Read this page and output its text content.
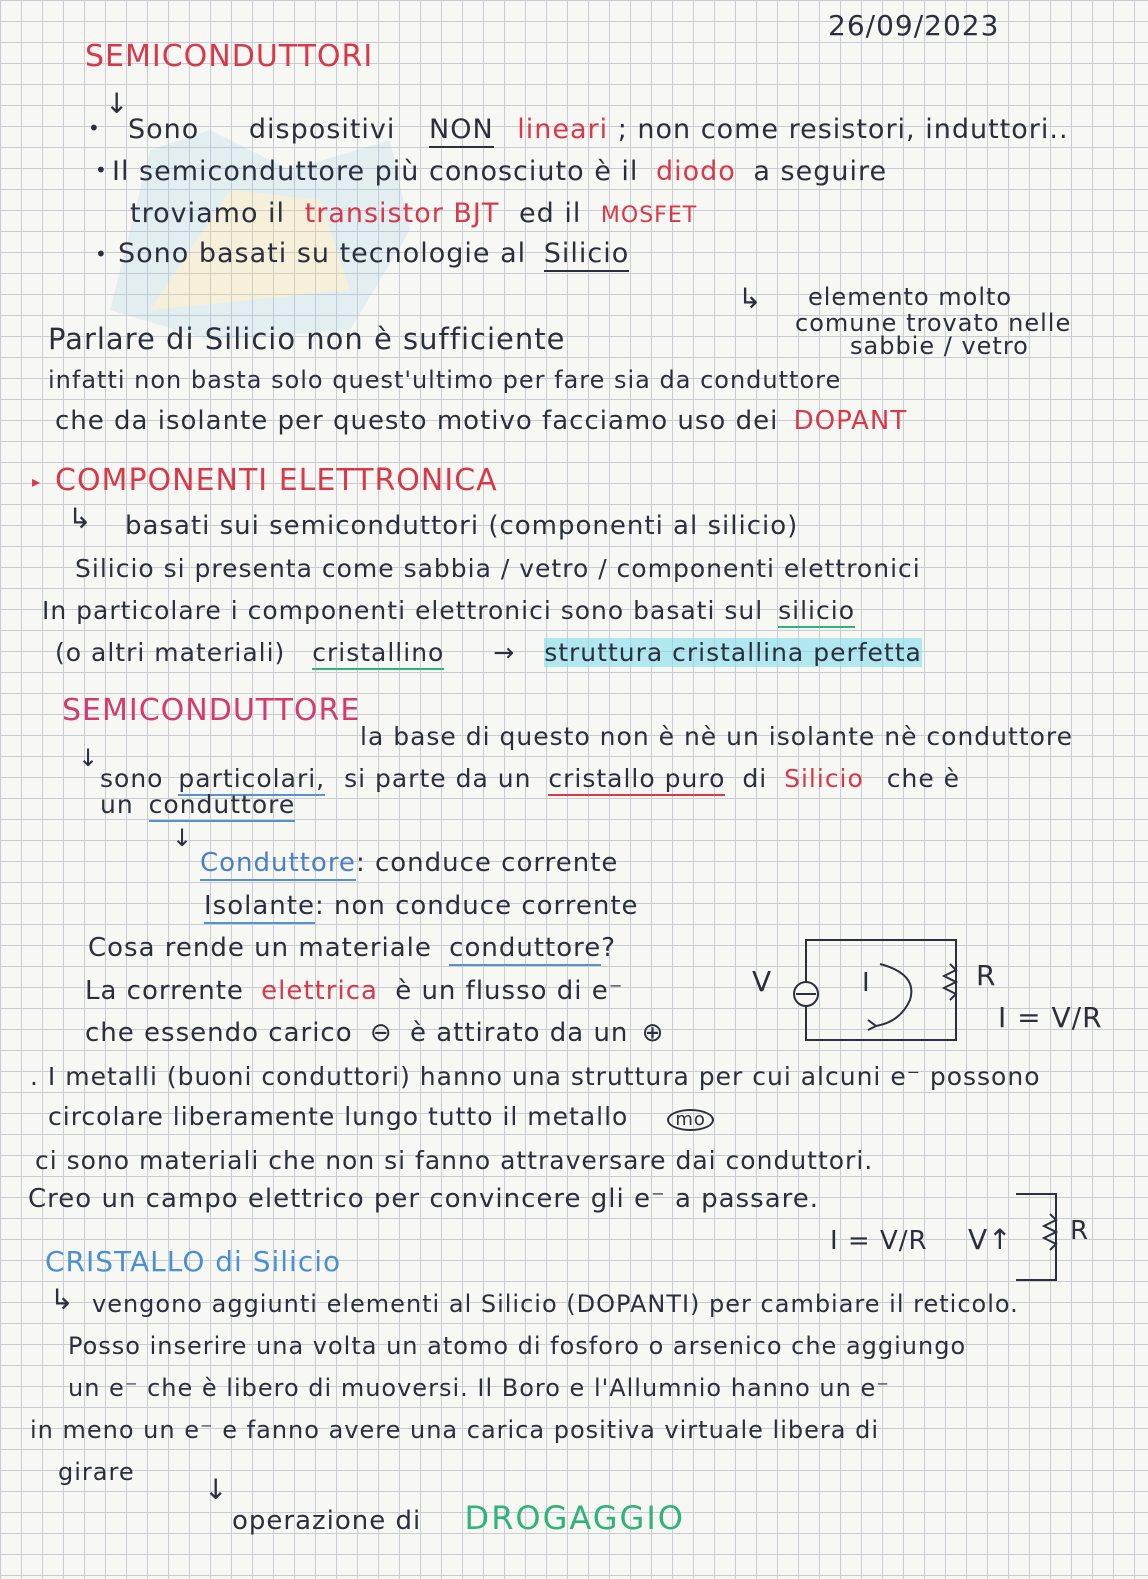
26/09/2023
SEMICONDUTTORI
↓
• Sono dispositivi NON lineari ; non come resistori, induttori..
• Il semiconduttore più conosciuto è il diodo a seguire
troviamo il transistor BJT ed il MOSFET
• Sono basati su tecnologie al Silicio
↳ elemento molto
comune trovato nelle
sabbie / vetro
Parlare di Silicio non è sufficiente
infatti non basta solo quest'ultimo per fare sia da conduttore
che da isolante per questo motivo facciamo uso dei DOPANT
▸ COMPONENTI ELETTRONICA
↳ basati sui semiconduttori (componenti al silicio)
Silicio si presenta come sabbia / vetro / componenti elettronici
In particolare i componenti elettronici sono basati sul silicio
(o altri materiali) cristallino → struttura cristallina perfetta
SEMICONDUTTORE
la base di questo non è nè un isolante nè conduttore
↓
sono particolari, si parte da un cristallo puro di Silicio che è
un conduttore
↓
Conduttore: conduce corrente
Isolante: non conduce corrente
Cosa rende un materiale conduttore?
La corrente elettrica è un flusso di e⁻
che essendo carico ⊖ è attirato da un ⊕
V	I	R
I = V/R
. I metalli (buoni conduttori) hanno una struttura per cui alcuni e⁻ possono
circolare liberamente lungo tutto il metallo	mo
ci sono materiali che non si fanno attraversare dai conduttori.
Creo un campo elettrico per convincere gli e⁻ a passare.
I = V/R V↑ R
CRISTALLO di Silicio
↳ vengono aggiunti elementi al Silicio (DOPANTI) per cambiare il reticolo.
Posso inserire una volta un atomo di fosforo o arsenico che aggiungo
un e⁻ che è libero di muoversi. Il Boro e l'Allumnio hanno un e⁻
in meno un e⁻ e fanno avere una carica positiva virtuale libera di
girare
↓
operazione di DROGAGGIO
